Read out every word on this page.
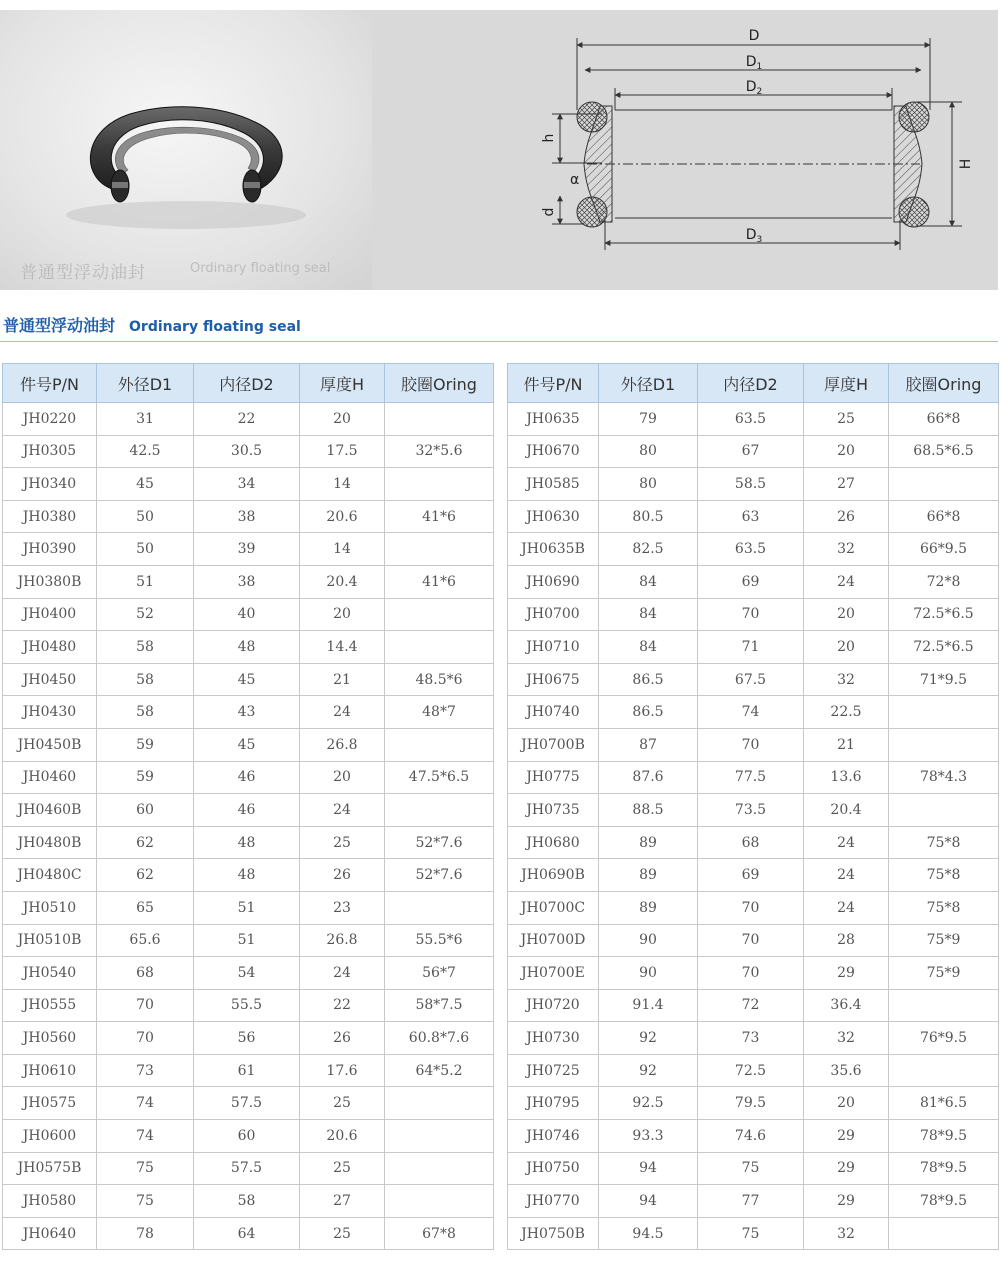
普通型浮动油封	Ordinary floating seal
D
$D_1$
$D_2$
$D_3$
h
H
d
α
普通型浮动油封 Ordinary floating seal
件号P/N	外径D1	内径D2	厚度H	胶圈Oring
JH0220	31	22	20	
JH0305	42.5	30.5	17.5	32*5.6
JH0340	45	34	14	
JH0380	50	38	20.6	41*6
JH0390	50	39	14	
JH0380B	51	38	20.4	41*6
JH0400	52	40	20	
JH0480	58	48	14.4	
JH0450	58	45	21	48.5*6
JH0430	58	43	24	48*7
JH0450B	59	45	26.8	
JH0460	59	46	20	47.5*6.5
JH0460B	60	46	24	
JH0480B	62	48	25	52*7.6
JH0480C	62	48	26	52*7.6
JH0510	65	51	23	
JH0510B	65.6	51	26.8	55.5*6
JH0540	68	54	24	56*7
JH0555	70	55.5	22	58*7.5
JH0560	70	56	26	60.8*7.6
JH0610	73	61	17.6	64*5.2
JH0575	74	57.5	25	
JH0600	74	60	20.6	
JH0575B	75	57.5	25	
JH0580	75	58	27	
JH0640	78	64	25	67*8
件号P/N	外径D1	内径D2	厚度H	胶圈Oring
JH0635	79	63.5	25	66*8
JH0670	80	67	20	68.5*6.5
JH0585	80	58.5	27	
JH0630	80.5	63	26	66*8
JH0635B	82.5	63.5	32	66*9.5
JH0690	84	69	24	72*8
JH0700	84	70	20	72.5*6.5
JH0710	84	71	20	72.5*6.5
JH0675	86.5	67.5	32	71*9.5
JH0740	86.5	74	22.5	
JH0700B	87	70	21	
JH0775	87.6	77.5	13.6	78*4.3
JH0735	88.5	73.5	20.4	
JH0680	89	68	24	75*8
JH0690B	89	69	24	75*8
JH0700C	89	70	24	75*8
JH0700D	90	70	28	75*9
JH0700E	90	70	29	75*9
JH0720	91.4	72	36.4	
JH0730	92	73	32	76*9.5
JH0725	92	72.5	35.6	
JH0795	92.5	79.5	20	81*6.5
JH0746	93.3	74.6	29	78*9.5
JH0750	94	75	29	78*9.5
JH0770	94	77	29	78*9.5
JH0750B	94.5	75	32	
